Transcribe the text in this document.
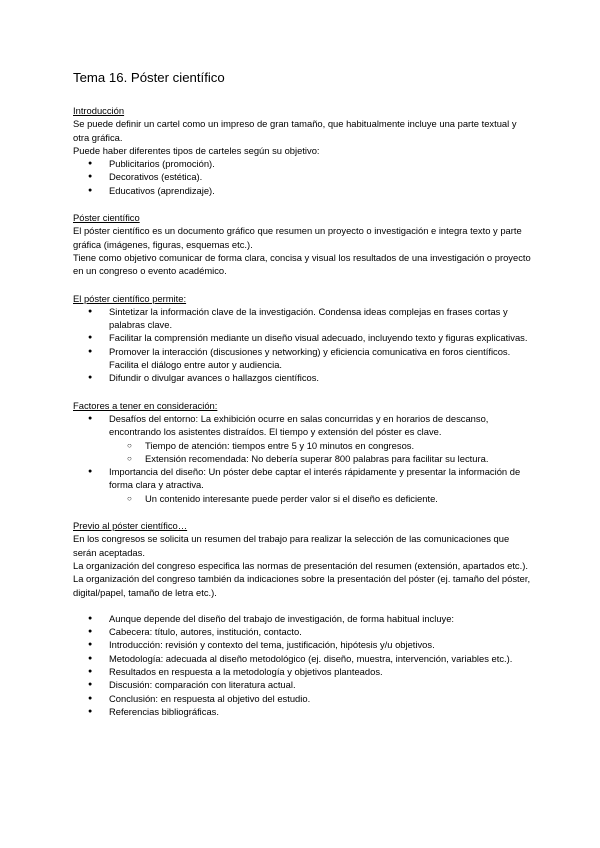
Tema 16. Póster científico

Introducción

Se puede definir un cartel como un impreso de gran tamaño, que habitualmente incluye una parte textual y otra gráfica.

Puede haber diferentes tipos de carteles según su objetivo:

● Publicitarios (promoción).
● Decorativos (estética).
● Educativos (aprendizaje).

Póster científico

El póster científico es un documento gráfico que resumen un proyecto o investigación e integra texto y parte gráfica (imágenes, figuras, esquemas etc.).

Tiene como objetivo comunicar de forma clara, concisa y visual los resultados de una investigación o proyecto en un congreso o evento académico.

El póster científico permite:

● Sintetizar la información clave de la investigación. Condensa ideas complejas en frases cortas y palabras clave.
● Facilitar la comprensión mediante un diseño visual adecuado, incluyendo texto y figuras explicativas.
● Promover la interacción (discusiones y networking) y eficiencia comunicativa en foros científicos. Facilita el diálogo entre autor y audiencia.
● Difundir o divulgar avances o hallazgos científicos.

Factores a tener en consideración:

● Desafíos del entorno: La exhibición ocurre en salas concurridas y en horarios de descanso, encontrando los asistentes distraídos. El tiempo y extensión del póster es clave.
○ Tiempo de atención: tiempos entre 5 y 10 minutos en congresos.
○ Extensión recomendada: No debería superar 800 palabras para facilitar su lectura.
● Importancia del diseño: Un póster debe captar el interés rápidamente y presentar la información de forma clara y atractiva.
○ Un contenido interesante puede perder valor si el diseño es deficiente.

Previo al póster científico…

En los congresos se solicita un resumen del trabajo para realizar la selección de las comunicaciones que serán aceptadas.

La organización del congreso especifica las normas de presentación del resumen (extensión, apartados etc.).

La organización del congreso también da indicaciones sobre la presentación del póster (ej. tamaño del póster, digital/papel, tamaño de letra etc.).

● Aunque depende del diseño del trabajo de investigación, de forma habitual incluye:
● Cabecera: título, autores, institución, contacto.
● Introducción: revisión y contexto del tema, justificación, hipótesis y/u objetivos.
● Metodología: adecuada al diseño metodológico (ej. diseño, muestra, intervención, variables etc.).
● Resultados en respuesta a la metodología y objetivos planteados.
● Discusión: comparación con literatura actual.
● Conclusión: en respuesta al objetivo del estudio.
● Referencias bibliográficas.
